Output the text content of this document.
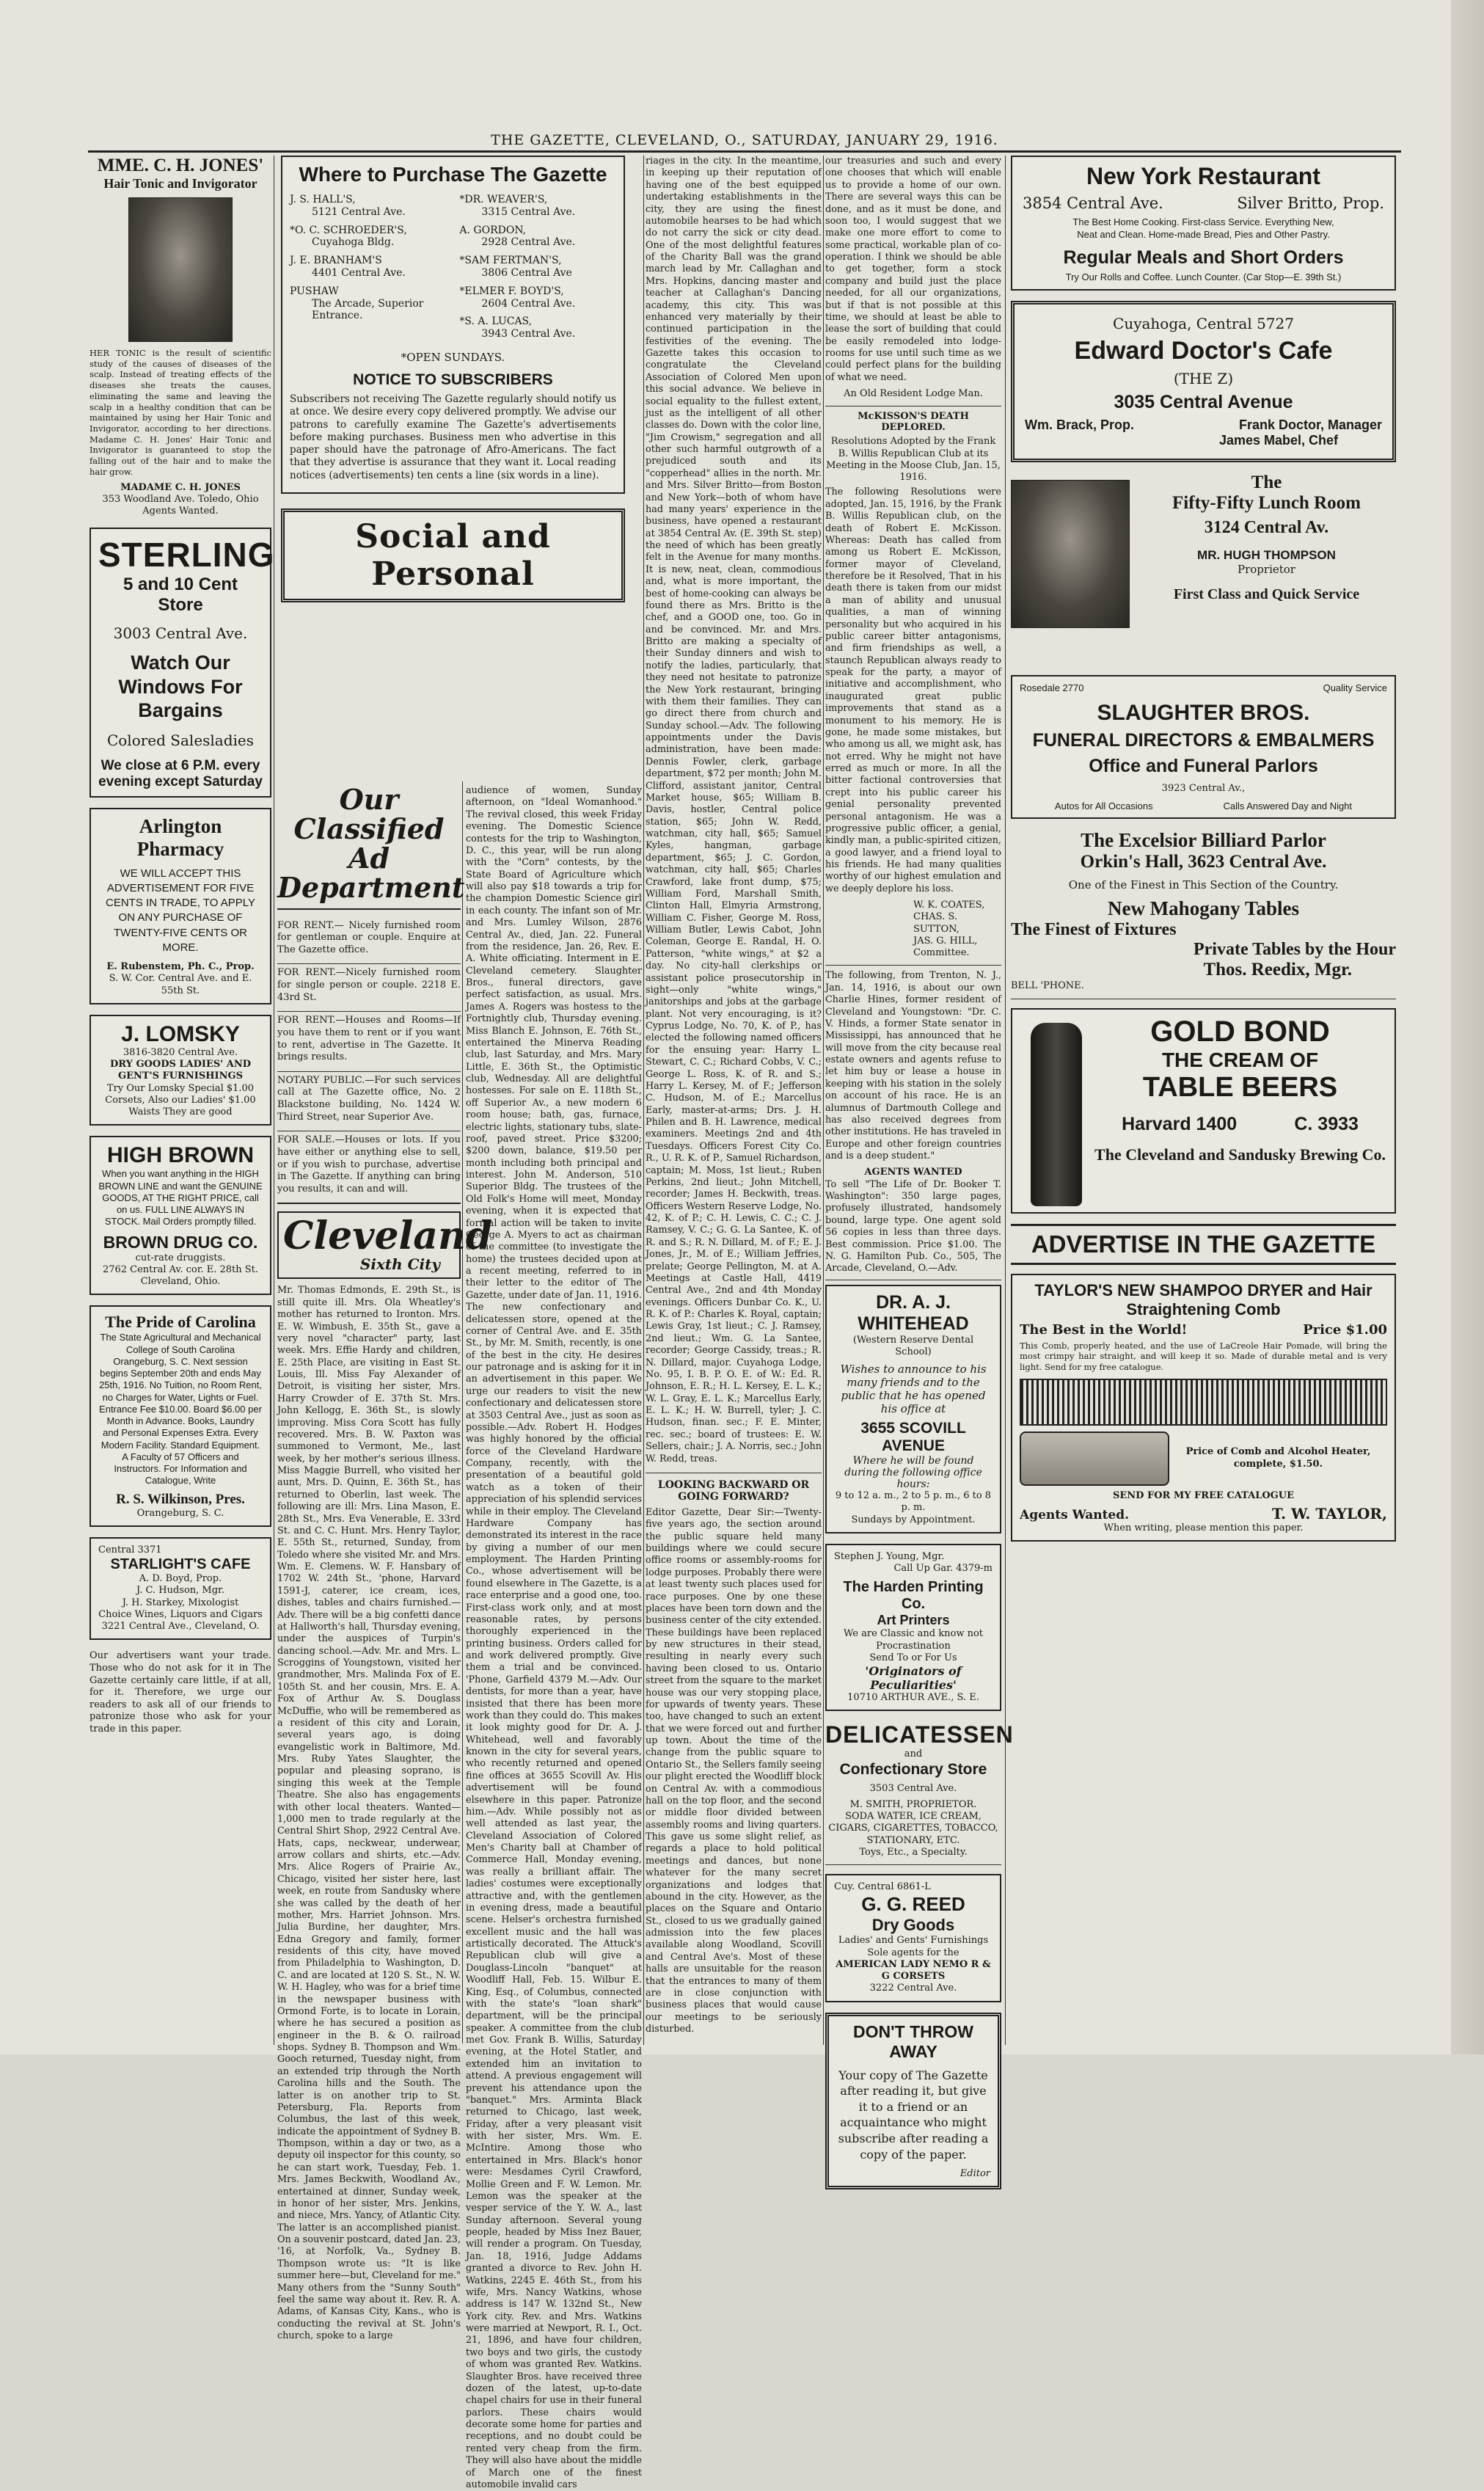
THE GAZETTE, CLEVELAND, O., SATURDAY, JANUARY 29, 1916.
MME. C. H. JONES'
Hair Tonic and Invigorator

HER TONIC is the result of scientific study of the causes of diseases of the scalp. Instead of treating effects of the diseases she treats the causes, eliminating the same and leaving the scalp in a healthy condition that can be maintained by using her Hair Tonic and Invigorator, according to her directions. Madame C. H. Jones' Hair Tonic and Invigorator is guaranteed to stop the falling out of the hair and to make the hair grow.

MADAME C. H. JONES
353 Woodland Ave. Toledo, Ohio
Agents Wanted.
STERLING
5 and 10 Cent Store
3003 Central Ave.
Watch Our Windows For Bargains
Colored Salesladies
We close at 6 P.M. every evening except Saturday
Arlington Pharmacy
WE WILL ACCEPT THIS ADVERTISEMENT FOR FIVE CENTS IN TRADE, TO APPLY ON ANY PURCHASE OF TWENTY-FIVE CENTS OR MORE.
E. Rubenstem, Ph. C., Prop.
S. W. Cor. Central Ave. and E. 55th St.
J. LOMSKY
3816-3820 Central Ave.
DRY GOODS LADIES' AND GENT'S FURNISHINGS
Try Our Lomsky Special $1.00 Corsets, Also our Ladies' $1.00 Waists They are good
HIGH BROWN
When you want anything in the HIGH BROWN LINE and want the GENUINE GOODS, AT THE RIGHT PRICE, call on us. FULL LINE ALWAYS IN STOCK. Mail Orders promptly filled.
BROWN DRUG CO.
cut-rate druggists.
2762 Central Av. cor. E. 28th St. Cleveland, Ohio.
The Pride of Carolina
The State Agricultural and Mechanical College of South Carolina Orangeburg, S. C. Next session begins September 20th and ends May 25th, 1916. No Tuition, no Room Rent, no Charges for Water, Lights or Fuel. Entrance Fee $10.00. Board $6.00 per Month in Advance. Books, Laundry and Personal Expenses Extra. Every Modern Facility. Standard Equipment. A Faculty of 57 Officers and Instructors. For Information and Catalogue, Write
R. S. Wilkinson, Pres.
Orangeburg, S. C.
Central 3371
STARLIGHT'S CAFE
A. D. Boyd, Prop.
J. C. Hudson, Mgr.
J. H. Starkey, Mixologist
Choice Wines, Liquors and Cigars 3221 Central Ave., Cleveland, O.

Our advertisers want your trade. Those who do not ask for it in The Gazette certainly care little, if at all, for it. Therefore, we urge our readers to ask all of our friends to patronize those who ask for your trade in this paper.

Where to Purchase The Gazette
J. S. HALL'S,
5121 Central Ave.
*O. C. SCHROEDER'S,
Cuyahoga Bldg.
J. E. BRANHAM'S
4401 Central Ave.
PUSHAW
The Arcade, Superior Entrance.
*DR. WEAVER'S,
3315 Central Ave.
A. GORDON,
2928 Central Ave.
*SAM FERTMAN'S,
3806 Central Ave
*ELMER F. BOYD'S,
2604 Central Ave.
*S. A. LUCAS,
3943 Central Ave.
*OPEN SUNDAYS.
NOTICE TO SUBSCRIBERS

Subscribers not receiving The Gazette regularly should notify us at once. We desire every copy delivered promptly. We advise our patrons to carefully examine The Gazette's advertisements before making purchases. Business men who advertise in this paper should have the patronage of Afro-Americans. The fact that they advertise is assurance that they want it. Local reading notices (advertisements) ten cents a line (six words in a line).

Social and Personal
Our Classified Ad Department

FOR RENT.— Nicely furnished room for gentleman or couple. Enquire at The Gazette office.

FOR RENT.—Nicely furnished room for single person or couple. 2218 E. 43rd St.

FOR RENT.—Houses and Rooms—If you have them to rent or if you want to rent, advertise in The Gazette. It brings results.

NOTARY PUBLIC.—For such services call at The Gazette office, No. 2 Blackstone building, No. 1424 W. Third Street, near Superior Ave.

FOR SALE.—Houses or lots. If you have either or anything else to sell, or if you wish to purchase, advertise in The Gazette. If anything can bring you results, it can and will.

Cleveland
Sixth City

Mr. Thomas Edmonds, E. 29th St., is still quite ill. Mrs. Ola Wheatley's mother has returned to Ironton. Mrs. E. W. Wimbush, E. 35th St., gave a very novel "character" party, last week. Mrs. Effie Hardy and children, E. 25th Place, are visiting in East St. Louis, Ill. Miss Fay Alexander of Detroit, is visiting her sister, Mrs. Harry Crowder of E. 37th St. Mrs. John Kellogg, E. 36th St., is slowly improving. Miss Cora Scott has fully recovered. Mrs. B. W. Paxton was summoned to Vermont, Me., last week, by her mother's serious illness. Miss Maggie Burrell, who visited her aunt, Mrs. D. Quinn, E. 36th St., has returned to Oberlin, last week. The following are ill: Mrs. Lina Mason, E. 28th St., Mrs. Eva Venerable, E. 33rd St. and C. C. Hunt. Mrs. Henry Taylor, E. 55th St., returned, Sunday, from Toledo where she visited Mr. and Mrs. Wm. E. Clemens. W. F. Hansbary of 1702 W. 24th St., 'phone, Harvard 1591-J, caterer, ice cream, ices, dishes, tables and chairs furnished.—Adv. There will be a big confetti dance at Hallworth's hall, Thursday evening, under the auspices of Turpin's dancing school.—Adv. Mr. and Mrs. L. Scroggins of Youngstown, visited her grandmother, Mrs. Malinda Fox of E. 105th St. and her cousin, Mrs. E. A. Fox of Arthur Av. S. Douglass McDuffie, who will be remembered as a resident of this city and Lorain, several years ago, is doing evangelistic work in Baltimore, Md. Mrs. Ruby Yates Slaughter, the popular and pleasing soprano, is singing this week at the Temple Theatre. She also has engagements with other local theaters. Wanted—1,000 men to trade regularly at the Central Shirt Shop, 2922 Central Ave. Hats, caps, neckwear, underwear, arrow collars and shirts, etc.—Adv. Mrs. Alice Rogers of Prairie Av., Chicago, visited her sister here, last week, en route from Sandusky where she was called by the death of her mother, Mrs. Harriet Johnson. Mrs. Julia Burdine, her daughter, Mrs. Edna Gregory and family, former residents of this city, have moved from Philadelphia to Washington, D. C. and are located at 120 S. St., N. W. W. H. Hagley, who was for a brief time in the newspaper business with Ormond Forte, is to locate in Lorain, where he has secured a position as engineer in the B. & O. railroad shops. Sydney B. Thompson and Wm. Gooch returned, Tuesday night, from an extended trip through the North Carolina hills and the South. The latter is on another trip to St. Petersburg, Fla. Reports from Columbus, the last of this week, indicate the appointment of Sydney B. Thompson, within a day or two, as a deputy oil inspector for this county, so he can start work, Tuesday, Feb. 1. Mrs. James Beckwith, Woodland Av., entertained at dinner, Sunday week, in honor of her sister, Mrs. Jenkins, and niece, Mrs. Yancy, of Atlantic City. The latter is an accomplished pianist. On a souvenir postcard, dated Jan. 23, '16, at Norfolk, Va., Sydney B. Thompson wrote us: "It is like summer here—but, Cleveland for me." Many others from the "Sunny South" feel the same way about it. Rev. R. A. Adams, of Kansas City, Kans., who is conducting the revival at St. John's church, spoke to a large

audience of women, Sunday afternoon, on "Ideal Womanhood." The revival closed, this week Friday evening. The Domestic Science contests for the trip to Washington, D. C., this year, will be run along with the "Corn" contests, by the State Board of Agriculture which will also pay $18 towards a trip for the champion Domestic Science girl in each county. The infant son of Mr. and Mrs. Lumley Wilson, 2876 Central Av., died, Jan. 22. Funeral from the residence, Jan. 26, Rev. E. A. White officiating. Interment in E. Cleveland cemetery. Slaughter Bros., funeral directors, gave perfect satisfaction, as usual. Mrs. James A. Rogers was hostess to the Fortnightly club, Thursday evening. Miss Blanch E. Johnson, E. 76th St., entertained the Minerva Reading club, last Saturday, and Mrs. Mary Little, E. 36th St., the Optimistic club, Wednesday. All are delightful hostesses. For sale on E. 118th St., off Superior Av., a new modern 6 room house; bath, gas, furnace, electric lights, stationary tubs, slate-roof, paved street. Price $3200; $200 down, balance, $19.50 per month including both principal and interest. John M. Anderson, 510 Superior Bldg. The trustees of the Old Folk's Home will meet, Monday evening, when it is expected that formal action will be taken to invite George A. Myers to act as chairman of the committee (to investigate the home) the trustees decided upon at a recent meeting, referred to in their letter to the editor of The Gazette, under date of Jan. 11, 1916. The new confectionary and delicatessen store, opened at the corner of Central Ave. and E. 35th St., by Mr. M. Smith, recently, is one of the best in the city. He desires our patronage and is asking for it in an advertisement in this paper. We urge our readers to visit the new confectionary and delicatessen store at 3503 Central Ave., just as soon as possible.—Adv. Robert H. Hodges was highly honored by the official force of the Cleveland Hardware Company, recently, with the presentation of a beautiful gold watch as a token of their appreciation of his splendid services while in their employ. The Cleveland Hardware Company has demonstrated its interest in the race by giving a number of our men employment. The Harden Printing Co., whose advertisement will be found elsewhere in The Gazette, is a race enterprise and a good one, too. First-class work only, and at most reasonable rates, by persons thoroughly experienced in the printing business. Orders called for and work delivered promptly. Give them a trial and be convinced. 'Phone, Garfield 4379 M.—Adv. Our dentists, for more than a year, have insisted that there has been more work than they could do. This makes it look mighty good for Dr. A. J. Whitehead, well and favorably known in the city for several years, who recently returned and opened fine offices at 3655 Scovill Av. His advertisement will be found elsewhere in this paper. Patronize him.—Adv. While possibly not as well attended as last year, the Cleveland Association of Colored Men's Charity ball at Chamber of Commerce Hall, Monday evening, was really a brilliant affair. The ladies' costumes were exceptionally attractive and, with the gentlemen in evening dress, made a beautiful scene. Helser's orchestra furnished excellent music and the hall was artistically decorated. The Attuck's Republican club will give a Douglass-Lincoln "banquet" at Woodliff Hall, Feb. 15. Wilbur E. King, Esq., of Columbus, connected with the state's "loan shark" department, will be the principal speaker. A committee from the club met Gov. Frank B. Willis, Saturday evening, at the Hotel Statler, and extended him an invitation to attend. A previous engagement will prevent his attendance upon the "banquet." Mrs. Arminta Black returned to Chicago, last week, Friday, after a very pleasant visit with her sister, Mrs. Wm. E. McIntire. Among those who entertained in Mrs. Black's honor were: Mesdames Cyril Crawford, Mollie Green and F. W. Lemon. Mr. Lemon was the speaker at the vesper service of the Y. W. A., last Sunday afternoon. Several young people, headed by Miss Inez Bauer, will render a program. On Tuesday, Jan. 18, 1916, Judge Addams granted a divorce to Rev. John H. Watkins, 2245 E. 46th St., from his wife, Mrs. Nancy Watkins, whose address is 147 W. 132nd St., New York city. Rev. and Mrs. Watkins were married at Newport, R. I., Oct. 21, 1896, and have four children, two boys and two girls, the custody of whom was granted Rev. Watkins. Slaughter Bros. have received three dozen of the latest, up-to-date chapel chairs for use in their funeral parlors. These chairs would decorate some home for parties and receptions, and no doubt could be rented very cheap from the firm. They will also have about the middle of March one of the finest automobile invalid cars

riages in the city. In the meantime, in keeping up their reputation of having one of the best equipped undertaking establishments in the city, they are using the finest automobile hearses to be had which do not carry the sick or city dead. One of the most delightful features of the Charity Ball was the grand march lead by Mr. Callaghan and Mrs. Hopkins, dancing master and teacher at Callaghan's Dancing academy, this city. This was enhanced very materially by their continued participation in the festivities of the evening. The Gazette takes this occasion to congratulate the Cleveland Association of Colored Men upon this social advance. We believe in social equality to the fullest extent, just as the intelligent of all other classes do. Down with the color line, "Jim Crowism," segregation and all other such harmful outgrowth of a prejudiced south and its "copperhead" allies in the north. Mr. and Mrs. Silver Britto—from Boston and New York—both of whom have had many years' experience in the business, have opened a restaurant at 3854 Central Av. (E. 39th St. step) the need of which has been greatly felt in the Avenue for many months. It is new, neat, clean, commodious and, what is more important, the best of home-cooking can always be found there as Mrs. Britto is the chef, and a GOOD one, too. Go in and be convinced. Mr. and Mrs. Britto are making a specialty of their Sunday dinners and wish to notify the ladies, particularly, that they need not hesitate to patronize the New York restaurant, bringing with them their families. They can go direct there from church and Sunday school.—Adv. The following appointments under the Davis administration, have been made: Dennis Fowler, clerk, garbage department, $72 per month; John M. Clifford, assistant janitor, Central Market house, $65; William B. Davis, hostler, Central police station, $65; John W. Redd, watchman, city hall, $65; Samuel Kyles, hangman, garbage department, $65; J. C. Gordon, watchman, city hall, $65; Charles Crawford, lake front dump, $75; William Ford, Marshall Smith, Clinton Hall, Elmyria Armstrong, William C. Fisher, George M. Ross, William Butler, Lewis Cabot, John Coleman, George E. Randal, H. O. Patterson, "white wings," at $2 a day. No city-hall clerkships or assistant police prosecutorship in sight—only "white wings," janitorships and jobs at the garbage plant. Not very encouraging, is it? Cyprus Lodge, No. 70, K. of P., has elected the following named officers for the ensuing year: Harry L. Stewart, C. C.; Richard Cobbs, V. C.; George L. Ross, K. of R. and S.; Harry L. Kersey, M. of F.; Jefferson C. Hudson, M. of E.; Marcellus Early, master-at-arms; Drs. J. H. Philen and B. H. Lawrence, medical examiners. Meetings 2nd and 4th Tuesdays. Officers Forest City Co. R., U. R. K. of P., Samuel Richardson, captain; M. Moss, 1st lieut.; Ruben Perkins, 2nd lieut.; John Mitchell, recorder; James H. Beckwith, treas. Officers Western Reserve Lodge, No. 42, K. of P.; C. H. Lewis, C. C.; C. J. Ramsey, V. C.; G. G. La Santee, K. of R. and S.; R. N. Dillard, M. of F.; E. J. Jones, Jr., M. of E.; William Jeffries, prelate; George Pellington, M. at A. Meetings at Castle Hall, 4419 Central Ave., 2nd and 4th Monday evenings. Officers Dunbar Co. K., U. R. K. of P.: Charles K. Royal, captain; Lewis Gray, 1st lieut.; C. J. Ramsey, 2nd lieut.; Wm. G. La Santee, recorder; George Cassidy, treas.; R. N. Dillard, major. Cuyahoga Lodge, No. 95, I. B. P. O. E. of W.: Ed. R. Johnson, E. R.; H. L. Kersey, E. L. K.; W. L. Gray, E. L. K.; Marcellus Early, E. L. K.; H. W. Burrell, tyler; J. C. Hudson, finan. sec.; F. E. Minter, rec. sec.; board of trustees: E. W. Sellers, chair.; J. A. Norris, sec.; John W. Redd, treas.

LOOKING BACKWARD OR GOING FORWARD?

Editor Gazette, Dear Sir:—Twenty-five years ago, the section around the public square held many buildings where we could secure office rooms or assembly-rooms for lodge purposes. Probably there were at least twenty such places used for race purposes. One by one these places have been torn down and the business center of the city extended. These buildings have been replaced by new structures in their stead, resulting in nearly every such having been closed to us. Ontario street from the square to the market house was our very stopping place, for upwards of twenty years. These too, have changed to such an extent that we were forced out and further up town. About the time of the change from the public square to Ontario St., the Sellers family seeing our plight erected the Woodliff block on Central Av. with a commodious hall on the top floor, and the second or middle floor divided between assembly rooms and living quarters. This gave us some slight relief, as regards a place to hold political meetings and dances, but none whatever for the many secret organizations and lodges that abound in the city. However, as the places on the Square and Ontario St., closed to us we gradually gained admission into the few places available along Woodland, Scovill and Central Ave's. Most of these halls are unsuitable for the reason that the entrances to many of them are in close conjunction with business places that would cause our meetings to be seriously disturbed.

our treasuries and such and every one chooses that which will enable us to provide a home of our own. There are several ways this can be done, and as it must be done, and soon too, I would suggest that we make one more effort to come to some practical, workable plan of co-operation. I think we should be able to get together, form a stock company and build just the place needed, for all our organizations, but if that is not possible at this time, we should at least be able to lease the sort of building that could be easily remodeled into lodge-rooms for use until such time as we could perfect plans for the building of what we need.

An Old Resident Lodge Man.
McKISSON'S DEATH DEPLORED.
Resolutions Adopted by the Frank B. Willis Republican Club at its Meeting in the Moose Club, Jan. 15, 1916.

The following Resolutions were adopted, Jan. 15, 1916, by the Frank B. Willis Republican club, on the death of Robert E. McKisson. Whereas: Death has called from among us Robert E. McKisson, former mayor of Cleveland, therefore be it Resolved, That in his death there is taken from our midst a man of ability and unusual qualities, a man of winning personality but who acquired in his public career bitter antagonisms, and firm friendships as well, a staunch Republican always ready to speak for the party, a mayor of initiative and accomplishment, who inaugurated great public improvements that stand as a monument to his memory. He is gone, he made some mistakes, but who among us all, we might ask, has not erred. Why he might not have erred as much or more. In all the bitter factional controversies that crept into his public career his genial personality prevented personal antagonism. He was a progressive public officer, a genial, kindly man, a public-spirited citizen, a good lawyer, and a friend loyal to his friends. He had many qualities worthy of our highest emulation and we deeply deplore his loss.

W. K. COATES,
CHAS. S. SUTTON,
JAS. G. HILL,
Committee.

The following, from Trenton, N. J., Jan. 14, 1916, is about our own Charlie Hines, former resident of Cleveland and Youngstown: "Dr. C. V. Hinds, a former State senator in Mississippi, has announced that he will move from the city because real estate owners and agents refuse to let him buy or lease a house in keeping with his station in the solely on account of his race. He is an alumnus of Dartmouth College and has also received degrees from other institutions. He has traveled in Europe and other foreign countries and is a deep student."

AGENTS WANTED

To sell "The Life of Dr. Booker T. Washington": 350 large pages, profusely illustrated, handsomely bound, large type. One agent sold 56 copies in less than three days. Best commission. Price $1.00. The N. G. Hamilton Pub. Co., 505, The Arcade, Cleveland, O.—Adv.

DR. A. J. WHITEHEAD
(Western Reserve Dental School)
Wishes to announce to his many friends and to the public that he has opened his office at
3655 SCOVILL AVENUE
Where he will be found during the following office hours:
9 to 12 a. m., 2 to 5 p. m., 6 to 8 p. m.
Sundays by Appointment.
Stephen J. Young, Mgr.
Call Up Gar. 4379-m
The Harden Printing Co.
Art Printers
We are Classic and know not Procrastination
Send To or For Us
'Originators of Peculiarities'
10710 ARTHUR AVE., S. E.
DELICATESSEN
and
Confectionary Store
3503 Central Ave.
M. SMITH, PROPRIETOR.
SODA WATER, ICE CREAM, CIGARS, CIGARETTES, TOBACCO, STATIONARY, ETC.
Toys, Etc., a Specialty.
Cuy. Central 6861-L
G. G. REED
Dry Goods
Ladies' and Gents' Furnishings Sole agents for the
AMERICAN LADY NEMO R & G CORSETS
3222 Central Ave.
DON'T THROW AWAY
Your copy of The Gazette after reading it, but give it to a friend or an acquaintance who might subscribe after reading a copy of the paper.
Editor
New York Restaurant
3854 Central Ave.	Silver Britto, Prop.
The Best Home Cooking. First-class Service. Everything New, Neat and Clean. Home-made Bread, Pies and Other Pastry.
Regular Meals and Short Orders
Try Our Rolls and Coffee. Lunch Counter. (Car Stop—E. 39th St.)
Cuyahoga, Central 5727
Edward Doctor's Cafe
(THE Z)
3035 Central Avenue
Wm. Brack, Prop.	Frank Doctor, Manager
James Mabel, Chef
The
Fifty-Fifty Lunch Room
3124 Central Av.
MR. HUGH THOMPSON
Proprietor
First Class and Quick Service
Rosedale 2770	Quality Service
SLAUGHTER BROS.
FUNERAL DIRECTORS & EMBALMERS
Office and Funeral Parlors
3923 Central Av.,
Autos for All Occasions	Calls Answered Day and Night
The Excelsior Billiard Parlor
Orkin's Hall, 3623 Central Ave.
One of the Finest in This Section of the Country.
New Mahogany Tables
The Finest of Fixtures
Private Tables by the Hour
Thos. Reedix, Mgr.
BELL 'PHONE.
GOLD BOND
THE CREAM OF
TABLE BEERS
Harvard 1400	C. 3933
The Cleveland and Sandusky Brewing Co.
ADVERTISE IN THE GAZETTE
TAYLOR'S NEW SHAMPOO DRYER and Hair Straightening Comb
The Best in the World!	Price $1.00

This Comb, properly heated, and the use of LaCreole Hair Pomade, will bring the most crimpy hair straight, and will keep it so. Made of durable metal and is very light. Send for my free catalogue.

Price of Comb and Alcohol Heater, complete, $1.50.
SEND FOR MY FREE CATALOGUE
Agents Wanted.	T. W. TAYLOR,
When writing, please mention this paper.
